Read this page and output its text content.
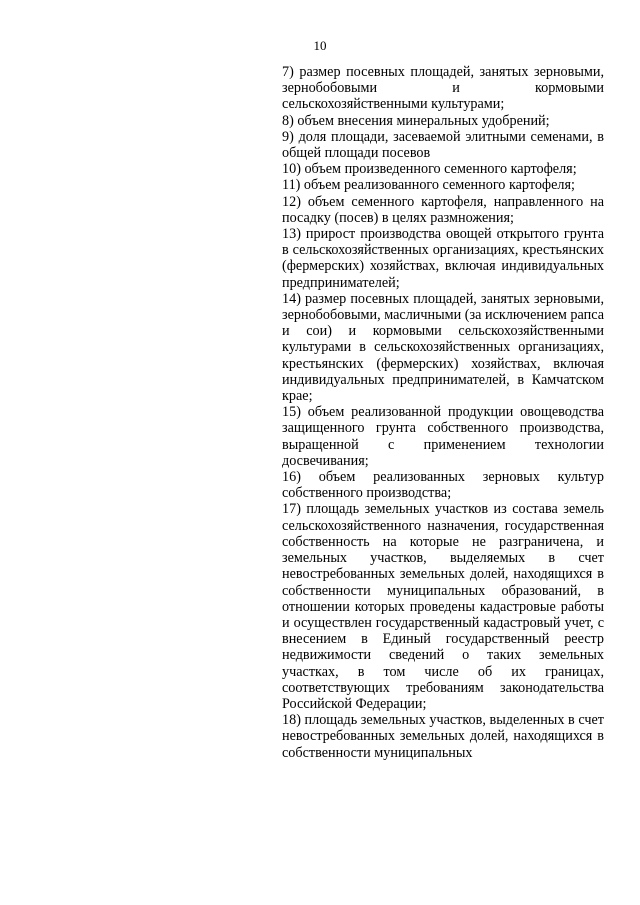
10

7) размер посевных площадей, занятых зерновыми, зернобобовыми и кормовыми сельскохозяйственными культурами;

8) объем внесения минеральных удобрений;

9) доля площади, засеваемой элитными семенами, в общей площади посевов

10) объем произведенного семенного картофеля;

11) объем реализованного семенного картофеля;

12) объем семенного картофеля, направленного на посадку (посев) в целях размножения;

13) прирост производства овощей открытого грунта в сельскохозяйственных организациях, крестьянских (фермерских) хозяйствах, включая индивидуальных предпринимателей;

14) размер посевных площадей, занятых зерновыми, зернобобовыми, масличными (за исключением рапса и сои) и кормовыми сельскохозяйственными культурами в сельскохозяйственных организациях, крестьянских (фермерских) хозяйствах, включая индивидуальных предпринимателей, в Камчатском крае;

15) объем реализованной продукции овощеводства защищенного грунта собственного производства, выращенной с применением технологии досвечивания;

16) объем реализованных зерновых культур собственного производства;

17) площадь земельных участков из состава земель сельскохозяйственного назначения, государственная собственность на которые не разграничена, и земельных участков, выделяемых в счет невостребованных земельных долей, находящихся в собственности муниципальных образований, в отношении которых проведены кадастровые работы и осуществлен государственный кадастровый учет, с внесением в Единый государственный реестр недвижимости сведений о таких земельных участках, в том числе об их границах, соответствующих требованиям законодательства Российской Федерации;

18) площадь земельных участков, выделенных в счет невостребованных земельных долей, находящихся в собственности муниципальных
